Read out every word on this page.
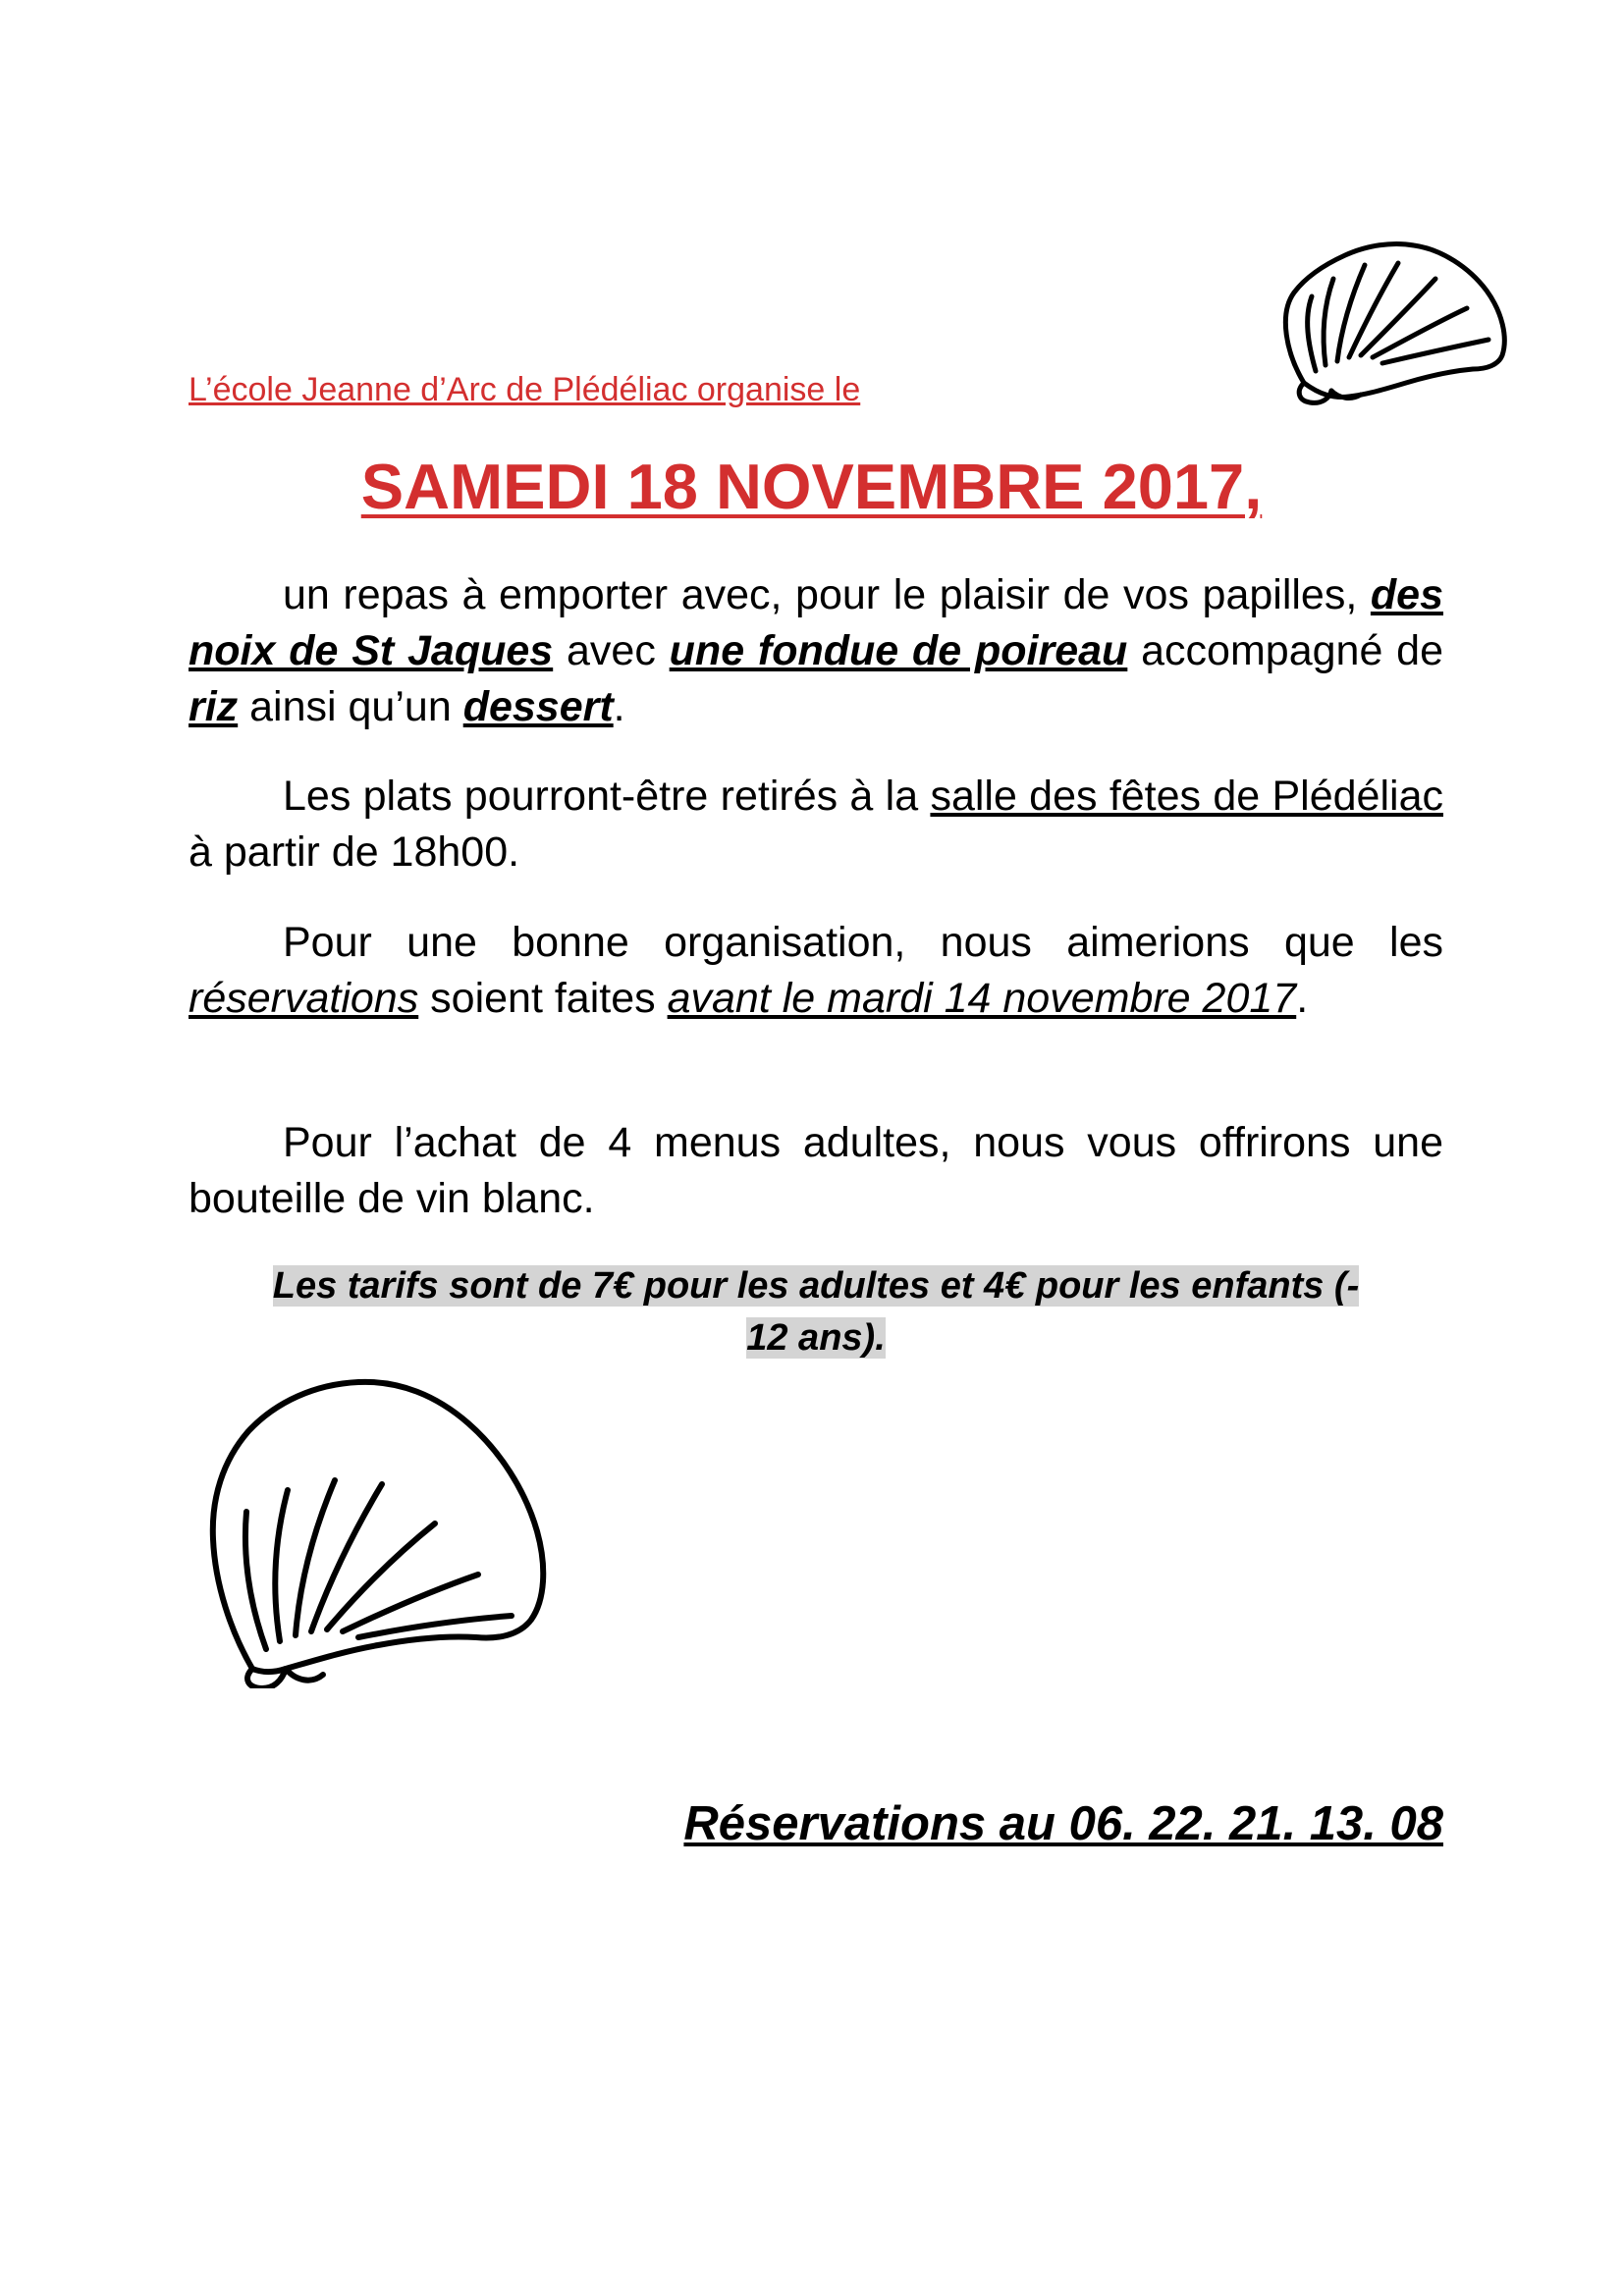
L’école Jeanne d’Arc de Plédéliac organise le
SAMEDI 18 NOVEMBRE 2017,

un repas à emporter avec, pour le plaisir de vos papilles, des noix de St Jaques avec une fondue de poireau accompagné de riz ainsi qu’un dessert.

Les plats pourront-être retirés à la salle des fêtes de Plédéliac à partir de 18h00.

Pour une bonne organisation, nous aimerions que les réservations soient faites avant le mardi 14 novembre 2017.

Pour l’achat de 4 menus adultes, nous vous offrirons une bouteille de vin blanc.

Les tarifs sont de 7€ pour les adultes et 4€ pour les enfants (-
12 ans).
Réservations au 06. 22. 21. 13. 08
